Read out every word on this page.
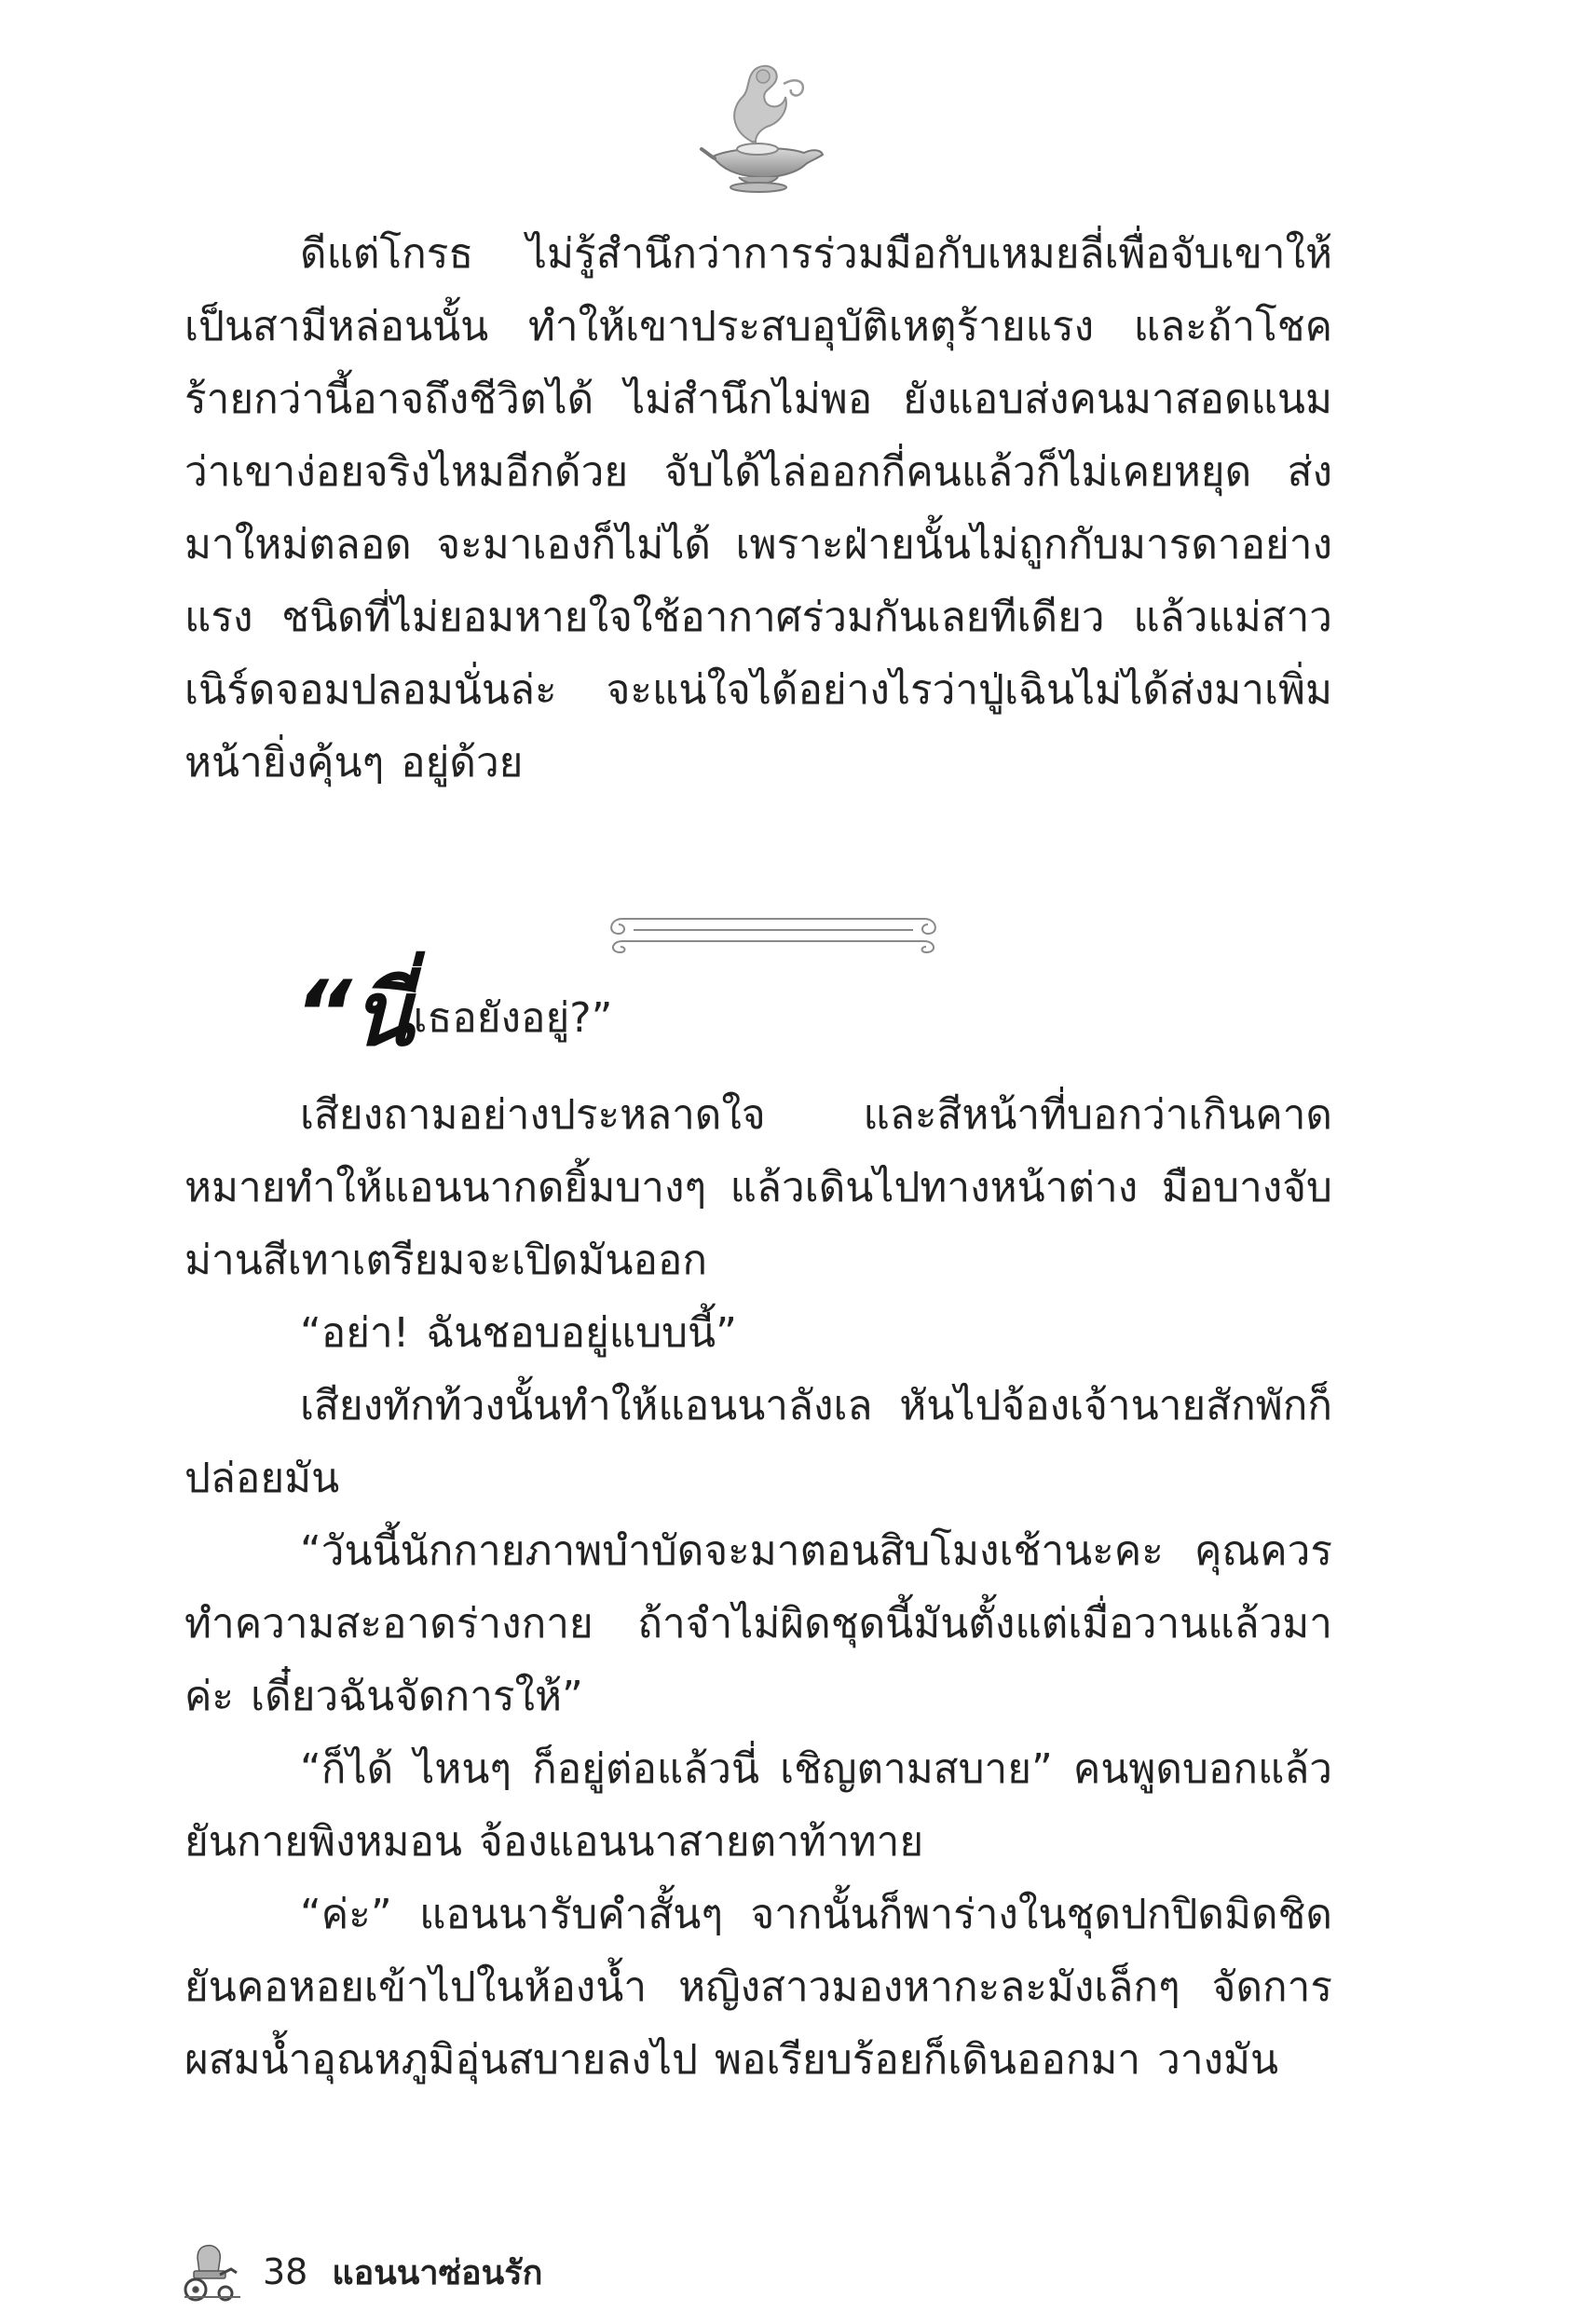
ดีแต่โกรธ ไม่รู้สำนึกว่าการร่วมมือกับเหมยลี่เพื่อจับเขาให้เป็นสามีหล่อนนั้น ทำให้เขาประสบอุบัติเหตุร้ายแรง และถ้าโชคร้ายกว่านี้อาจถึงชีวิตได้ ไม่สำนึกไม่พอ ยังแอบส่งคนมาสอดแนมว่าเขาง่อยจริงไหมอีกด้วย จับได้ไล่ออกกี่คนแล้วก็ไม่เคยหยุด ส่งมาใหม่ตลอด จะมาเองก็ไม่ได้ เพราะฝ่ายนั้นไม่ถูกกับมารดาอย่างแรง ชนิดที่ไม่ยอมหายใจใช้อากาศร่วมกันเลยทีเดียว แล้วแม่สาวเนิร์ดจอมปลอมนั่นล่ะ จะแน่ใจได้อย่างไรว่าปู่เฉินไม่ได้ส่งมาเพิ่ม หน้ายิ่งคุ้นๆ อยู่ด้วย

“นี่ เธอยังอยู่?”

เสียงถามอย่างประหลาดใจ และสีหน้าที่บอกว่าเกินคาดหมายทำให้แอนนากดยิ้มบางๆ แล้วเดินไปทางหน้าต่าง มือบางจับม่านสีเทาเตรียมจะเปิดมันออก

“อย่า! ฉันชอบอยู่แบบนี้”

เสียงทักท้วงนั้นทำให้แอนนาลังเล หันไปจ้องเจ้านายสักพักก็ปล่อยมัน

“วันนี้นักกายภาพบำบัดจะมาตอนสิบโมงเช้านะคะ คุณควรทำความสะอาดร่างกาย ถ้าจำไม่ผิดชุดนี้มันตั้งแต่เมื่อวานแล้วมาค่ะ เดี๋ยวฉันจัดการให้”

“ก็ได้ ไหนๆ ก็อยู่ต่อแล้วนี่ เชิญตามสบาย” คนพูดบอกแล้วยันกายพิงหมอน จ้องแอนนาสายตาท้าทาย

“ค่ะ” แอนนารับคำสั้นๆ จากนั้นก็พาร่างในชุดปกปิดมิดชิดยันคอหอยเข้าไปในห้องน้ำ หญิงสาวมองหากะละมังเล็กๆ จัดการผสมน้ำอุณหภูมิอุ่นสบายลงไป พอเรียบร้อยก็เดินออกมา วางมัน

38 แอนนาซ่อนรัก
